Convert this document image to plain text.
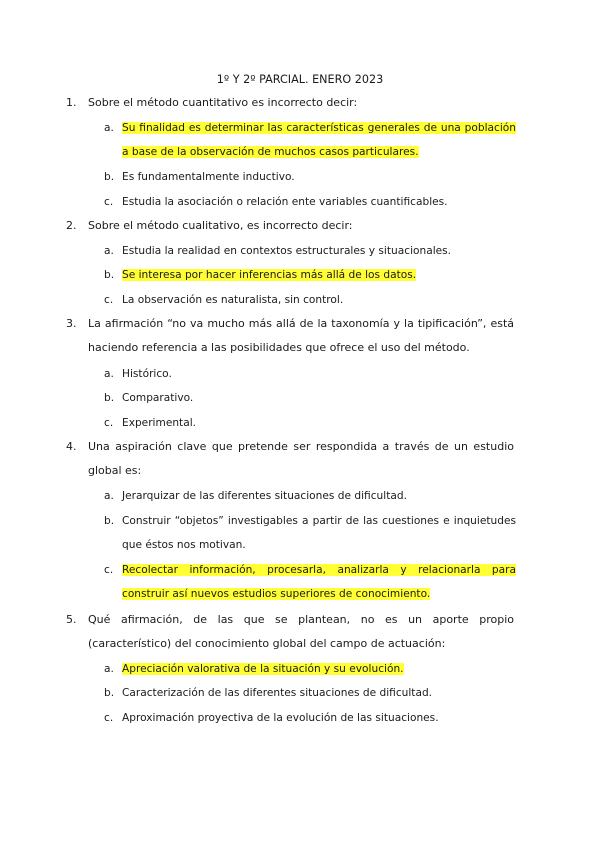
1º Y 2º PARCIAL. ENERO 2023
1. Sobre el método cuantitativo es incorrecto decir:
a. Su finalidad es determinar las características generales de una población a base de la observación de muchos casos particulares.
b. Es fundamentalmente inductivo.
c. Estudia la asociación o relación ente variables cuantificables.
2. Sobre el método cualitativo, es incorrecto decir:
a. Estudia la realidad en contextos estructurales y situacionales.
b. Se interesa por hacer inferencias más allá de los datos.
c. La observación es naturalista, sin control.
3. La afirmación “no va mucho más allá de la taxonomía y la tipificación”, está haciendo referencia a las posibilidades que ofrece el uso del método.
a. Histórico.
b. Comparativo.
c. Experimental.
4. Una aspiración clave que pretende ser respondida a través de un estudio global es:
a. Jerarquizar de las diferentes situaciones de dificultad.
b. Construir “objetos” investigables a partir de las cuestiones e inquietudes que éstos nos motivan.
c. Recolectar información, procesarla, analizarla y relacionarla para construir así nuevos estudios superiores de conocimiento.
5. Qué afirmación, de las que se plantean, no es un aporte propio (característico) del conocimiento global del campo de actuación:
a. Apreciación valorativa de la situación y su evolución.
b. Caracterización de las diferentes situaciones de dificultad.
c. Aproximación proyectiva de la evolución de las situaciones.
